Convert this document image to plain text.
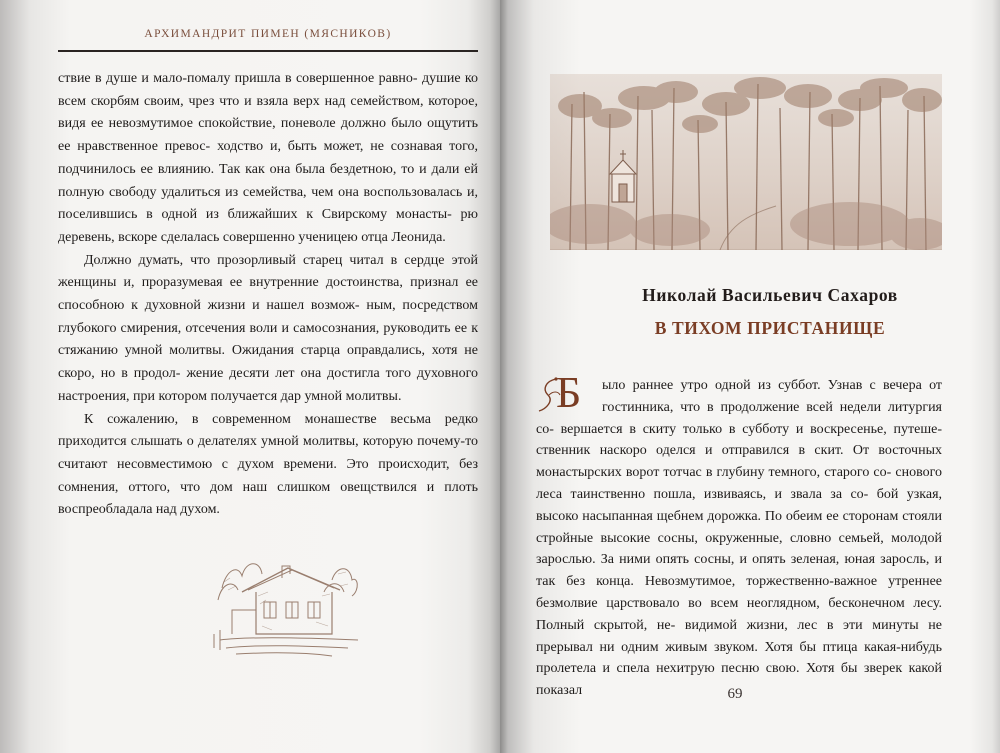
АРХИМАНДРИТ ПИМЕН (МЯСНИКОВ)

ствие в душе и мало-помалу пришла в совершенное равно- душие ко всем скорбям своим, чрез что и взяла верх над семейством, которое, видя ее невозмутимое спокойствие, поневоле должно было ощутить ее нравственное превос- ходство и, быть может, не сознавая того, подчинилось ее влиянию. Так как она была бездетною, то и дали ей полную свободу удалиться из семейства, чем она воспользовалась и, поселившись в одной из ближайших к Свирскому монасты- рю деревень, вскоре сделалась совершенно ученицею отца Леонида.

Должно думать, что прозорливый старец читал в сердце этой женщины и, проразумевая ее внутренние достоинства, признал ее способною к духовной жизни и нашел возмож- ным, посредством глубокого смирения, отсечения воли и самосознания, руководить ее к стяжанию умной молитвы. Ожидания старца оправдались, хотя не скоро, но в продол- жение десяти лет она достигла того духовного настроения, при котором получается дар умной молитвы.

К сожалению, в современном монашестве весьма редко приходится слышать о делателях умной молитвы, которую почему-то считают несовместимою с духом времени. Это происходит, без сомнения, оттого, что дом наш слишком овещствился и плоть воспреобладала над духом.

Николай Васильевич Сахаров
В ТИХОМ ПРИСТАНИЩЕ

Б ыло раннее утро одной из суббот. Узнав с вечера от гостинника, что в продолжение всей недели литургия со- вершается в скиту только в субботу и воскресенье, путеше- ственник наскоро оделся и отправился в скит. От восточных монастырских ворот тотчас в глубину темного, старого со- снового леса таинственно пошла, извиваясь, и звала за со- бой узкая, высоко насыпанная щебнем дорожка. По обеим ее сторонам стояли стройные высокие сосны, окруженные, словно семьей, молодой зарослью. За ними опять сосны, и опять зеленая, юная заросль, и так без конца. Невозмутимое, торжественно-важное утреннее безмолвие царствовало во всем неоглядном, бесконечном лесу. Полный скрытой, не- видимой жизни, лес в эти минуты не прерывал ни одним живым звуком. Хотя бы птица какая-нибудь пролетела и спела нехитрую песню свою. Хотя бы зверек какой показал	69
